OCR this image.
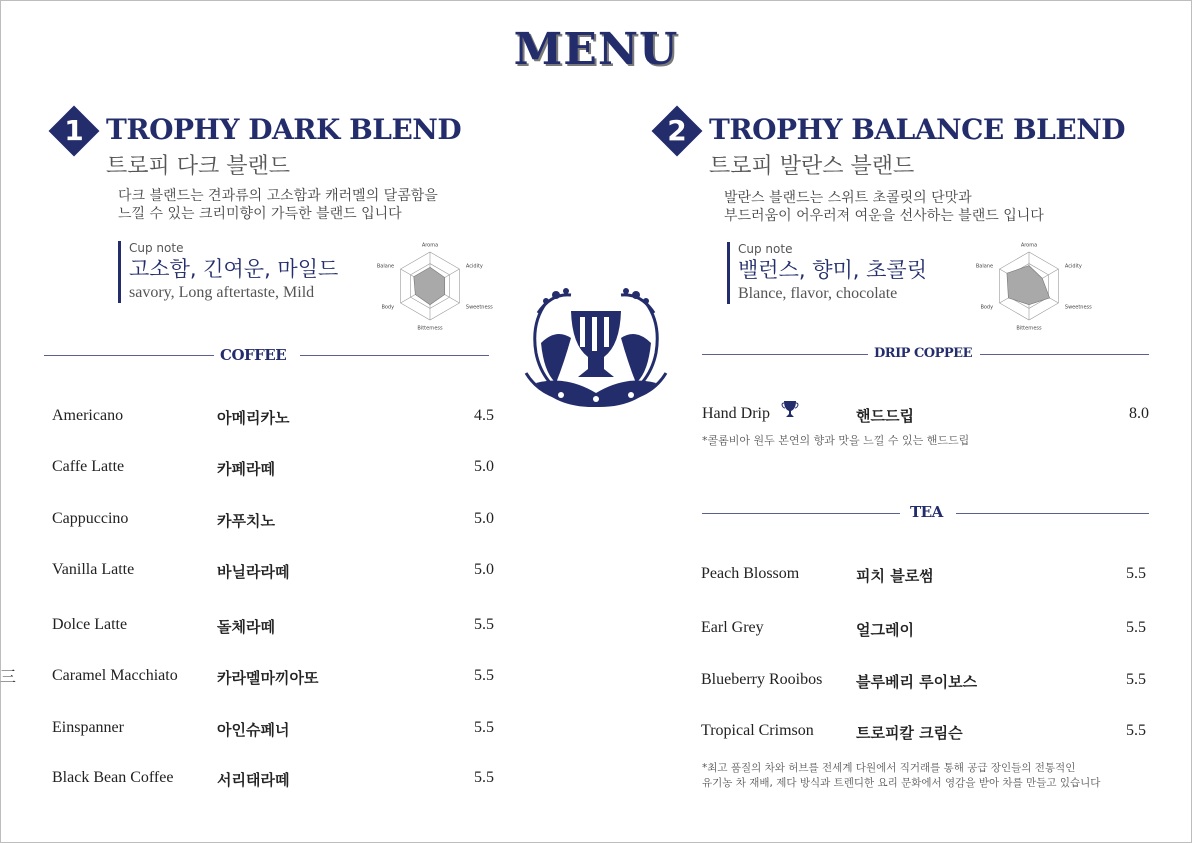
MENU
1 TROPHY DARK BLEND
트로피 다크 블랜드
다크 블랜드는 견과류의 고소함과 캐러멜의 달콤함을
느낄 수 있는 크리미향이 가득한 블랜드 입니다
Cup note
고소함, 긴여운, 마일드
savory, Long aftertaste, Mild
Aroma
Acidity
Sweetness
Bitterness
Body
Balane
2 TROPHY BALANCE BLEND
트로피 발란스 블랜드
발란스 블랜드는 스위트 초콜릿의 단맛과
부드러움이 어우러져 여운을 선사하는 블랜드 입니다
Cup note
밸런스, 향미, 초콜릿
Blance, flavor, chocolate
Aroma
Acidity
Sweetness
Bitterness
Body
Balane
COFFEE
Americano	아메리카노	4.5
Caffe Latte	카페라떼	5.0
Cappuccino	카푸치노	5.0
Vanilla Latte	바닐라라떼	5.0
Dolce Latte	돌체라떼	5.5
Caramel Macchiato	카라멜마끼아또	5.5
Einspanner	아인슈페너	5.5
Black Bean Coffee	서리태라떼	5.5
DRIP COPPEE
Hand Drip	핸드드립	8.0
*콜롬비아 원두 본연의 향과 맛을 느낄 수 있는 핸드드립
TEA
Peach Blossom	피치 블로썸	5.5
Earl Grey	얼그레이	5.5
Blueberry Rooibos 블루베리 루이보스	5.5
Tropical Crimson	트로피칼 크림슨	5.5
*최고 품질의 차와 허브를 전세계 다원에서 직거래를 통해 공급 장인들의 전통적인
유기농 차 재배, 제다 방식과 트렌디한 요리 문화에서 영감을 받아 차를 만들고 있습니다
三
